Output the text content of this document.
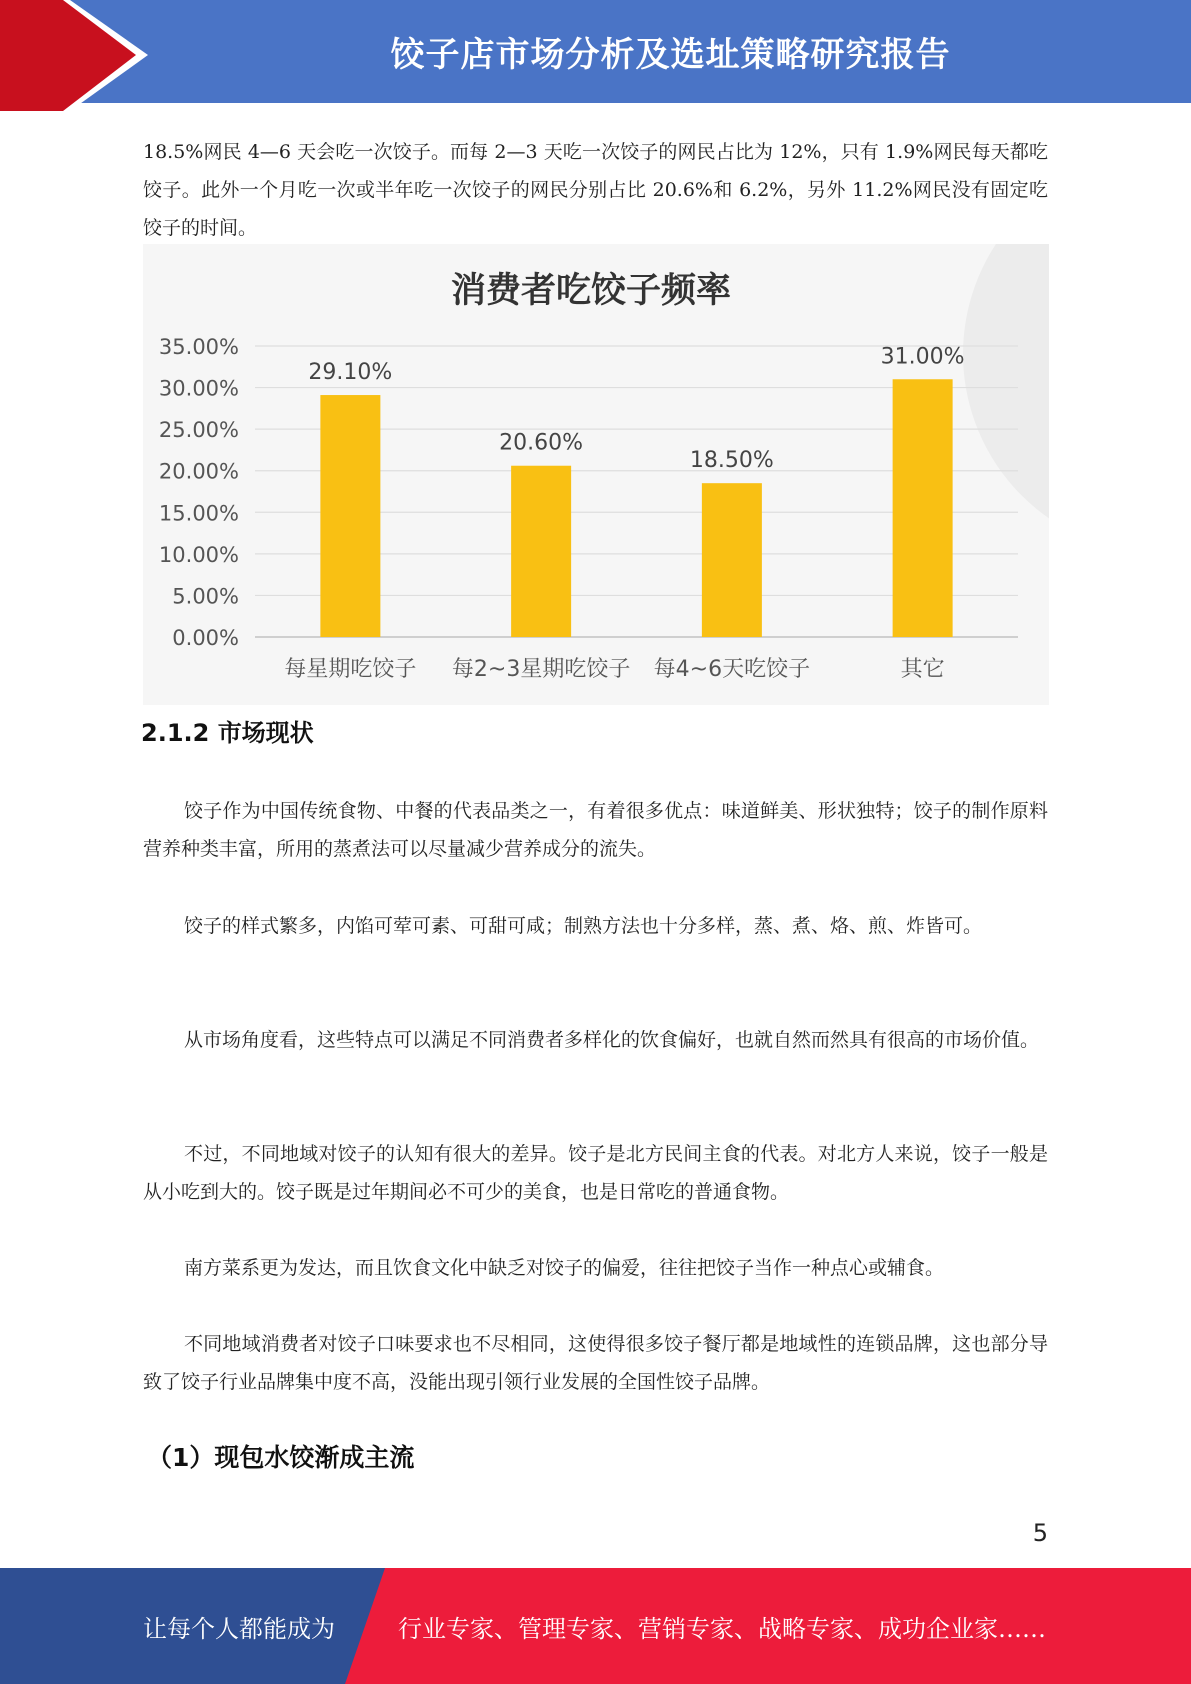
饺子店市场分析及选址策略研究报告

18.5%网民 4—6 天会吃一次饺子。而每 2—3 天吃一次饺子的网民占比为 12%，只有 1.9%网民每天都吃饺子。此外一个月吃一次或半年吃一次饺子的网民分别占比 20.6%和 6.2%，另外 11.2%网民没有固定吃饺子的时间。

消费者吃饺子频率
0.00%
5.00%
10.00%
15.00%
20.00%
25.00%
30.00%
35.00%
29.10%
每星期吃饺子
20.60%
每2~3星期吃饺子
18.50%
每4~6天吃饺子
31.00%
其它
2.1.2 市场现状

饺子作为中国传统食物、中餐的代表品类之一，有着很多优点：味道鲜美、形状独特；饺子的制作原料营养种类丰富，所用的蒸煮法可以尽量减少营养成分的流失。

饺子的样式繁多，内馅可荤可素、可甜可咸；制熟方法也十分多样，蒸、煮、烙、煎、炸皆可。

从市场角度看，这些特点可以满足不同消费者多样化的饮食偏好，也就自然而然具有很高的市场价值。

不过，不同地域对饺子的认知有很大的差异。饺子是北方民间主食的代表。对北方人来说，饺子一般是从小吃到大的。饺子既是过年期间必不可少的美食，也是日常吃的普通食物。

南方菜系更为发达，而且饮食文化中缺乏对饺子的偏爱，往往把饺子当作一种点心或辅食。

不同地域消费者对饺子口味要求也不尽相同，这使得很多饺子餐厅都是地域性的连锁品牌，这也部分导致了饺子行业品牌集中度不高，没能出现引领行业发展的全国性饺子品牌。

（1）现包水饺渐成主流
5
让每个人都能成为	行业专家、管理专家、营销专家、战略专家、成功企业家……
